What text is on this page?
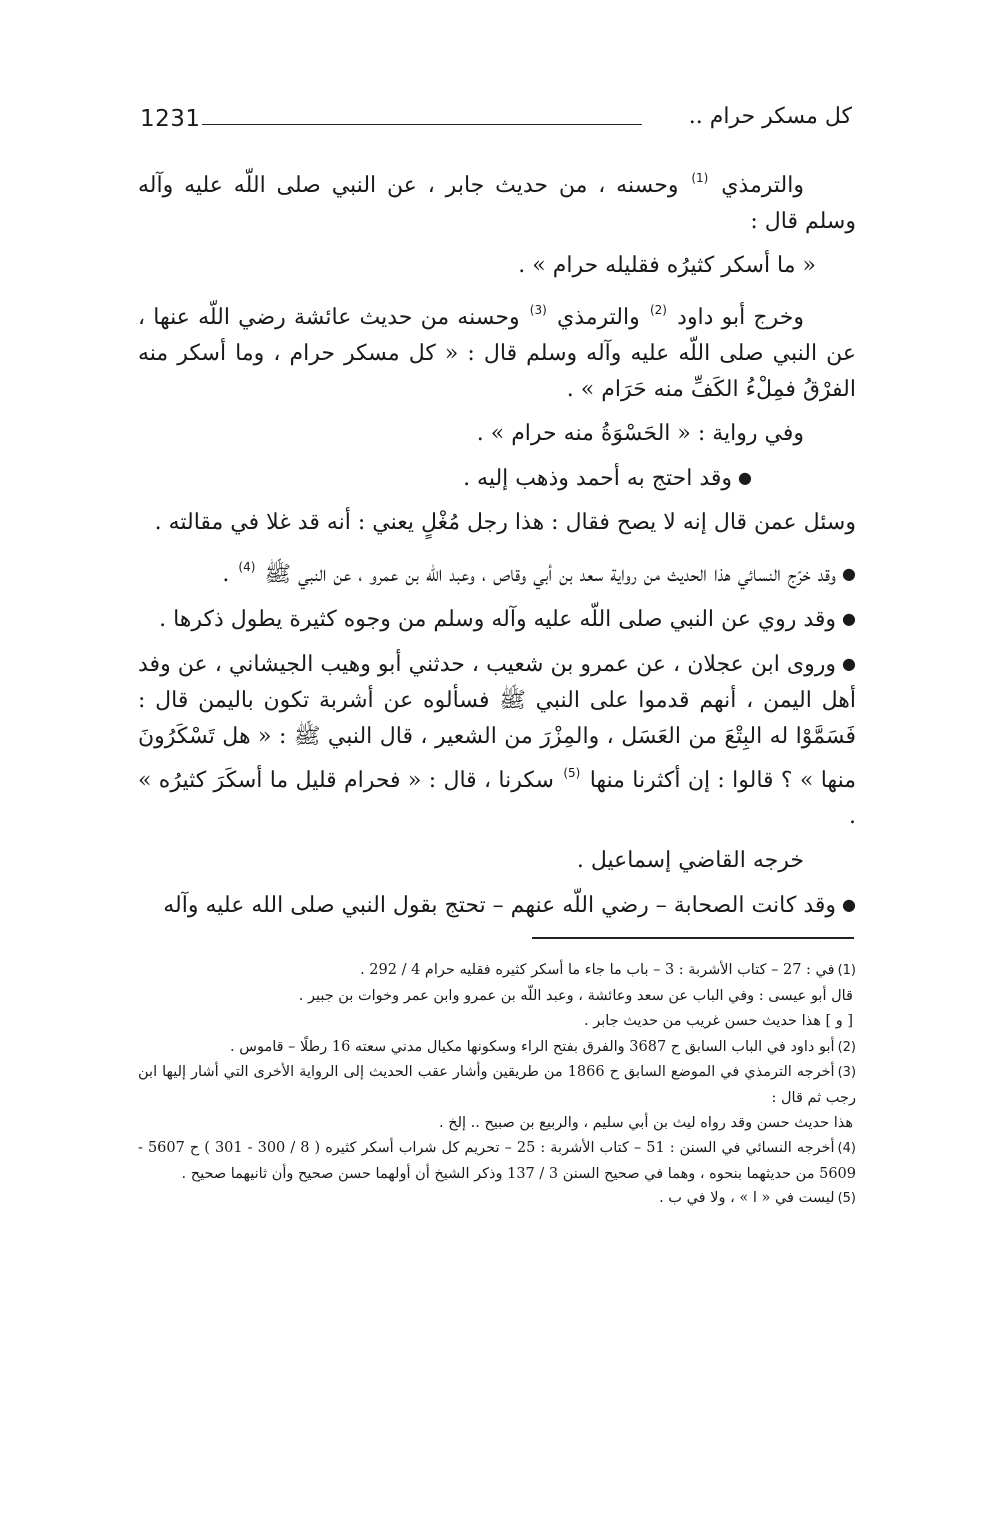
1231	كل مسكر حرام ..

والترمذي $^{(1)}$ وحسنه ، من حديث جابر ، عن النبي صلى اللّه عليه وآله وسلم قال :

« ما أسكر كثيرُه فقليله حرام » .

وخرج أبو داود $^{(2)}$ والترمذي $^{(3)}$ وحسنه من حديث عائشة رضي اللّه عنها ، عن النبي صلى اللّه عليه وآله وسلم قال : « كل مسكر حرام ، وما أسكر منه الفرْقُ فمِلْءُ الكَفِّ منه حَرَام » .

وفي رواية : « الحَسْوَةُ منه حرام » .

●وقد احتج به أحمد وذهب إليه .

وسئل عمن قال إنه لا يصح فقال : هذا رجل مُغْلٍ يعني : أنه قد غلا في مقالته .

●وقد خرّج النسائي هذا الحديث من رواية سعد بن أبي وقاص ، وعبد اللّه بن عمرو ، عن النبي ﷺ $^{(4)}$ .

●وقد روي عن النبي صلى اللّه عليه وآله وسلم من وجوه كثيرة يطول ذكرها .

●وروى ابن عجلان ، عن عمرو بن شعيب ، حدثني أبو وهيب الجيشاني ، عن وفد أهل اليمن ، أنهم قدموا على النبي ﷺ فسألوه عن أشربة تكون باليمن قال : فَسَمَّوْا له البِتْعَ من العَسَل ، والمِزْرَ من الشعير ، قال النبي ﷺ : « هل تَسْكَرُونَ منها » ؟ قالوا : إن أكثرنا منها $^{(5)}$ سكرنا ، قال : « فحرام قليل ما أسكَرَ كثيرُه » .

خرجه القاضي إسماعيل .

●وقد كانت الصحابة – رضي اللّه عنهم – تحتج بقول النبي صلى الله عليه وآله

(1)في : 27 – كتاب الأشربة : 3 – باب ما جاء ما أسكر كثيره فقليه حرام 4 / 292 .

قال أبو عيسى : وفي الباب عن سعد وعائشة ، وعبد اللّه بن عمرو وابن عمر وخوات بن جبير .

[ و ] هذا حديث حسن غريب من حديث جابر .

(2)أبو داود في الباب السابق ح 3687 والفرق بفتح الراء وسكونها مكيال مدني سعته 16 رطلًا – قاموس .

(3)أخرجه الترمذي في الموضع السابق ح 1866 من طريقين وأشار عقب الحديث إلى الرواية الأخرى التي أشار إليها ابن رجب ثم قال :

هذا حديث حسن وقد رواه ليث بن أبي سليم ، والربيع بن صبيح .. إلخ .

(4)أخرجه النسائي في السنن : 51 – كتاب الأشربة : 25 – تحريم كل شراب أسكر كثيره ( 8 / 300 - 301 ) ح 5607 - 5609 من حديثهما بنحوه ، وهما في صحيح السنن 3 / 137 وذكر الشيخ أن أولهما حسن صحيح وأن ثانيهما صحيح .

(5)ليست في « ا » ، ولا في ب .
